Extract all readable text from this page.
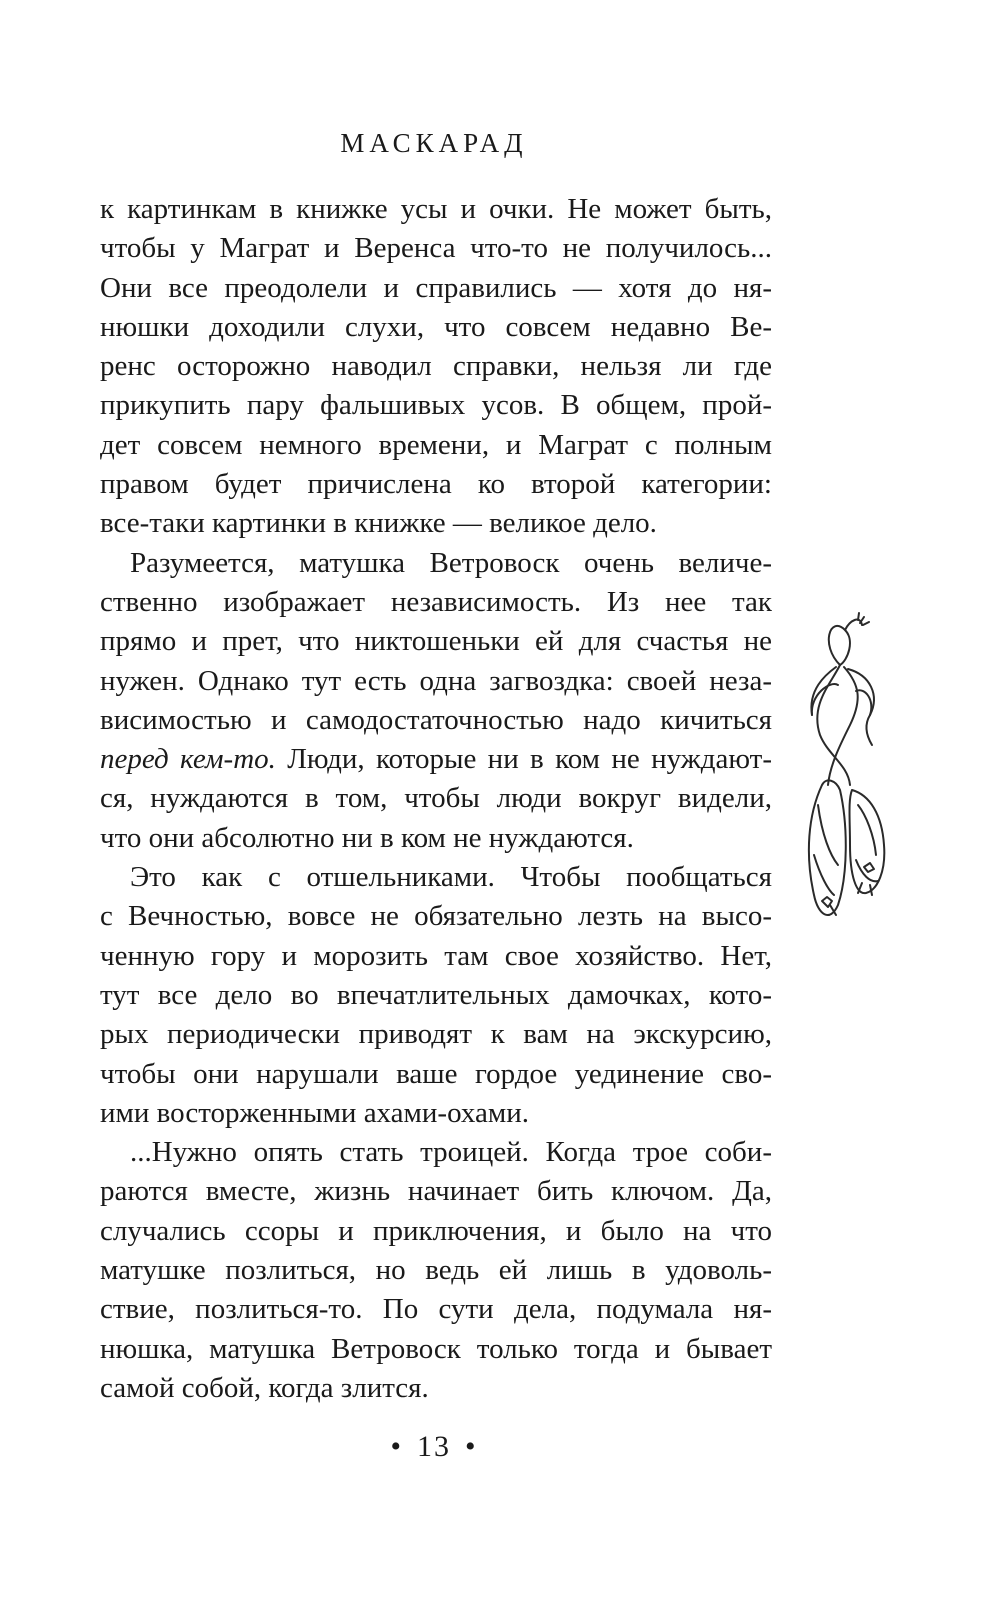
МАСКАРАД
к картинкам в книжке усы и очки. Не может быть,
чтобы у Маграт и Веренса что-то не получилось...
Они все преодолели и справились — хотя до ня-
нюшки доходили слухи, что совсем недавно Ве-
ренс осторожно наводил справки, нельзя ли где
прикупить пару фальшивых усов. В общем, прой-
дет совсем немного времени, и Маграт с полным
правом будет причислена ко второй категории:
все-таки картинки в книжке — великое дело.
Разумеется, матушка Ветровоск очень величе-
ственно изображает независимость. Из нее так
прямо и прет, что никтошеньки ей для счастья не
нужен. Однако тут есть одна загвоздка: своей неза-
висимостью и самодостаточностью надо кичиться
перед кем-то. Люди, которые ни в ком не нуждают-
ся, нуждаются в том, чтобы люди вокруг видели,
что они абсолютно ни в ком не нуждаются.
Это как с отшельниками. Чтобы пообщаться
с Вечностью, вовсе не обязательно лезть на высо-
ченную гору и морозить там свое хозяйство. Нет,
тут все дело во впечатлительных дамочках, кото-
рых периодически приводят к вам на экскурсию,
чтобы они нарушали ваше гордое уединение сво-
ими восторженными ахами-охами.
...Нужно опять стать троицей. Когда трое соби-
раются вместе, жизнь начинает бить ключом. Да,
случались ссоры и приключения, и было на что
матушке позлиться, но ведь ей лишь в удоволь-
ствие, позлиться-то. По сути дела, подумала ня-
нюшка, матушка Ветровоск только тогда и бывает
самой собой, когда злится.
• 13 •
